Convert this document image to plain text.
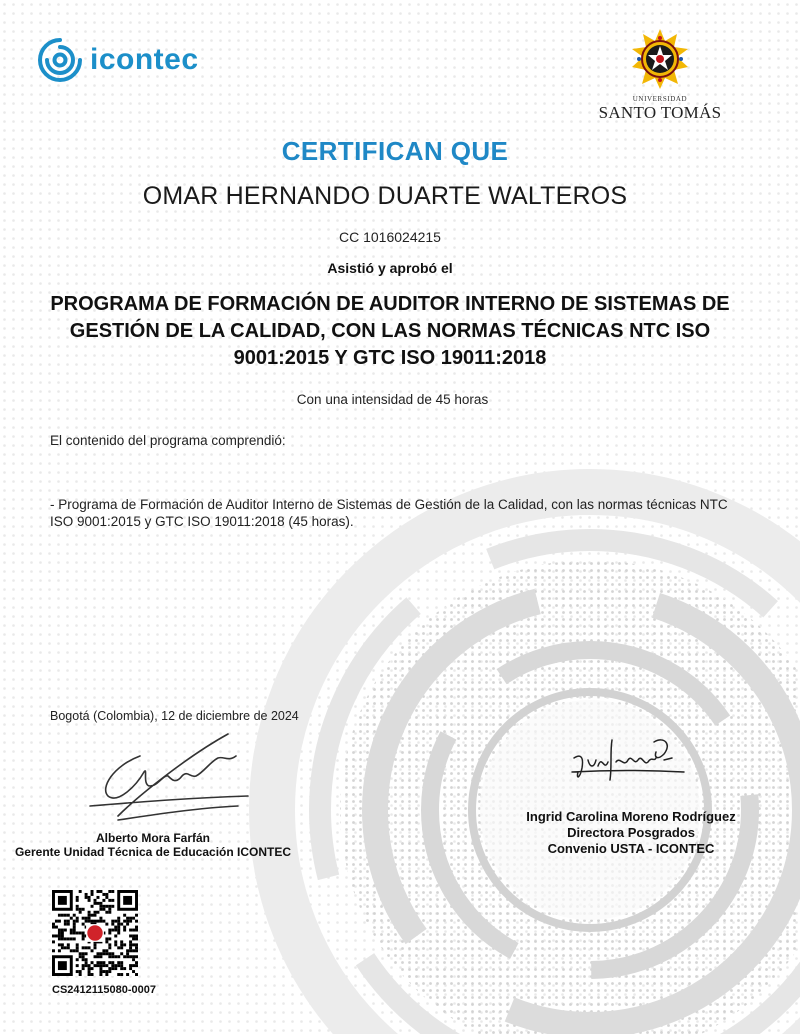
icontec
UNIVERSIDAD
SANTO TOMÁS
CERTIFICAN QUE
OMAR HERNANDO DUARTE WALTEROS
CC 1016024215
Asistió y aprobó el
PROGRAMA DE FORMACIÓN DE AUDITOR INTERNO DE SISTEMAS DE GESTIÓN DE LA CALIDAD, CON LAS NORMAS TÉCNICAS NTC ISO 9001:2015 Y GTC ISO 19011:2018
Con una intensidad de 45 horas
El contenido del programa comprendió:
- Programa de Formación de Auditor Interno de Sistemas de Gestión de la Calidad, con las normas técnicas NTC ISO 9001:2015 y GTC ISO 19011:2018 (45 horas).
Bogotá (Colombia), 12 de diciembre de 2024
Alberto Mora Farfán
Gerente Unidad Técnica de Educación ICONTEC
Ingrid Carolina Moreno Rodríguez
Directora Posgrados
Convenio USTA - ICONTEC
CS2412115080-0007
